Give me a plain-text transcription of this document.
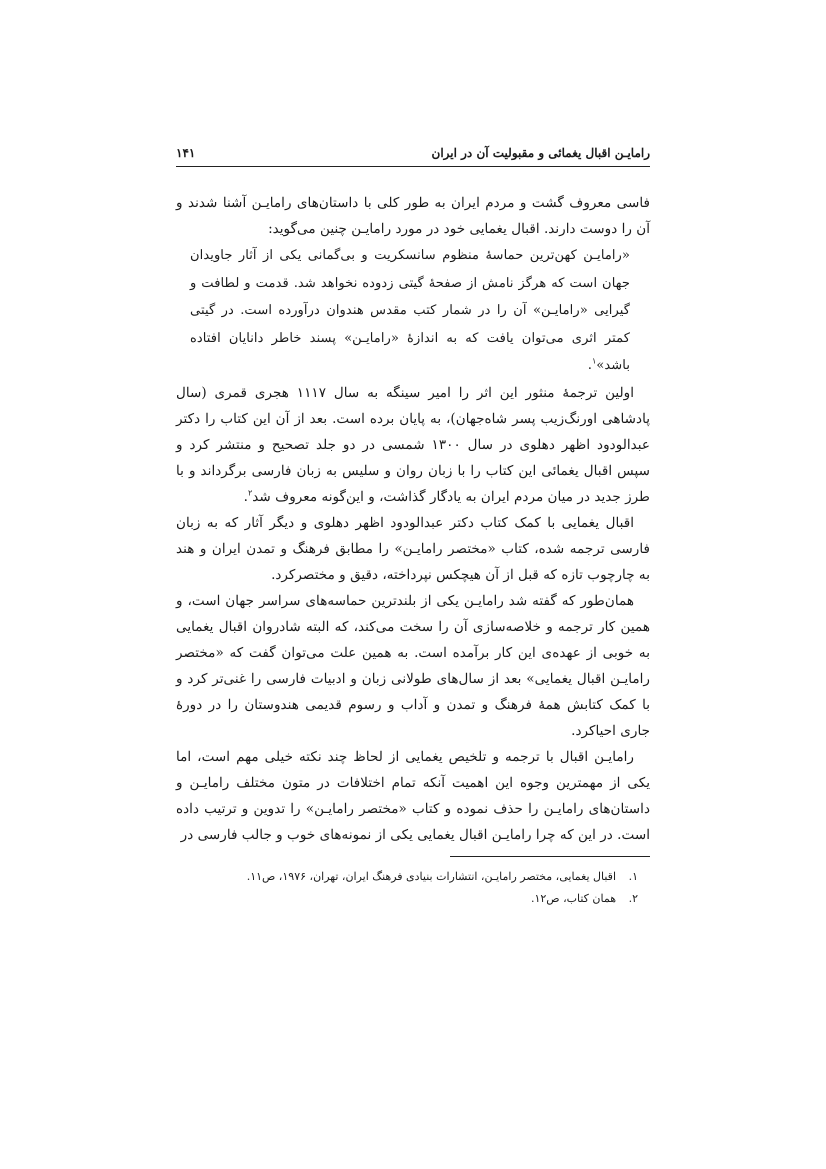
رامایـن اقبال یغمائی و مقبولیت آن در ایران
۱۴۱

فاسی معروف گشت و مردم ایران به طور کلی با داستان‌های رامایـن آشنا شدند و آن را دوست دارند. اقبال یغمایی خود در مورد رامایـن چنین می‌گوید:

«رامایـن کهن‌ترین حماسهٔ منظوم سانسکریت و بی‌گمانی یکی از آثار جاویدان جهان است که هرگز نامش از صفحهٔ گیتی زدوده نخواهد شد. قدمت و لطافت و گیرایی «رامایـن» آن را در شمار کتب مقدس هندوان درآورده است. در گیتی کمتر اثری می‌توان یافت که به اندازهٔ «رامایـن» پسند خاطر دانایان افتاده باشد»$^۱$.

اولین ترجمهٔ منثور این اثر را امیر سینگه به سال ۱۱۱۷ هجری قمری (سال پادشاهی اورنگ‌زیب پسر شاه‌جهان)، به پایان برده است. بعد از آن این کتاب را دکتر عبدالودود اظهر دهلوی در سال ۱۳۰۰ شمسی در دو جلد تصحیح و منتشر کرد و سپس اقبال یغمائی این کتاب را با زبان روان و سلیس به زبان فارسی برگرداند و با طرز جدید در میان مردم ایران به یادگار گذاشت، و این‌گونه معروف شد$^۲$.

اقبال یغمایی با کمک کتاب دکتر عبدالودود اظهر دهلوی و دیگر آثار که به زبان فارسی ترجمه شده، کتاب «مختصر رامایـن» را مطابق فرهنگ و تمدن ایران و هند به چارچوب تازه که قبل از آن هیچکس نپرداخته، دقیق و مختصرکرد.

همان‌طور که گفته شد رامایـن یکی از بلندترین حماسه‌های سراسر جهان است، و همین کار ترجمه و خلاصه‌سازی آن را سخت می‌کند، که البته شادروان اقبال یغمایی به خوبی از عهده‌ی این کار برآمده است. به همین علت می‌توان گفت که «مختصر رامایـن اقبال یغمایی» بعد از سال‌های طولانی زبان و ادبیات فارسی را غنی‌تر کرد و با کمک کتابش همهٔ فرهنگ و تمدن و آداب و رسوم قدیمی هندوستان را در دورهٔ جاری احیاکرد.

رامایـن اقبال با ترجمه و تلخیص یغمایی از لحاظ چند نکته خیلی مهم است، اما یکی از مهمترین وجوه این اهمیت آنکه تمام اختلافات در متون مختلف رامایـن و داستان‌های رامایـن را حذف نموده و کتاب «مختصر رامایـن» را تدوین و ترتیب داده است. در این که چرا رامایـن اقبال یغمایی یکی از نمونه‌های خوب و جالب فارسی در

۱.
اقبال یغمایی، مختصر رامایـن، انتشارات بنیادی فرهنگ ایران، تهران، ۱۹۷۶، ص۱۱.
۲.
همان کتاب، ص۱۲.
